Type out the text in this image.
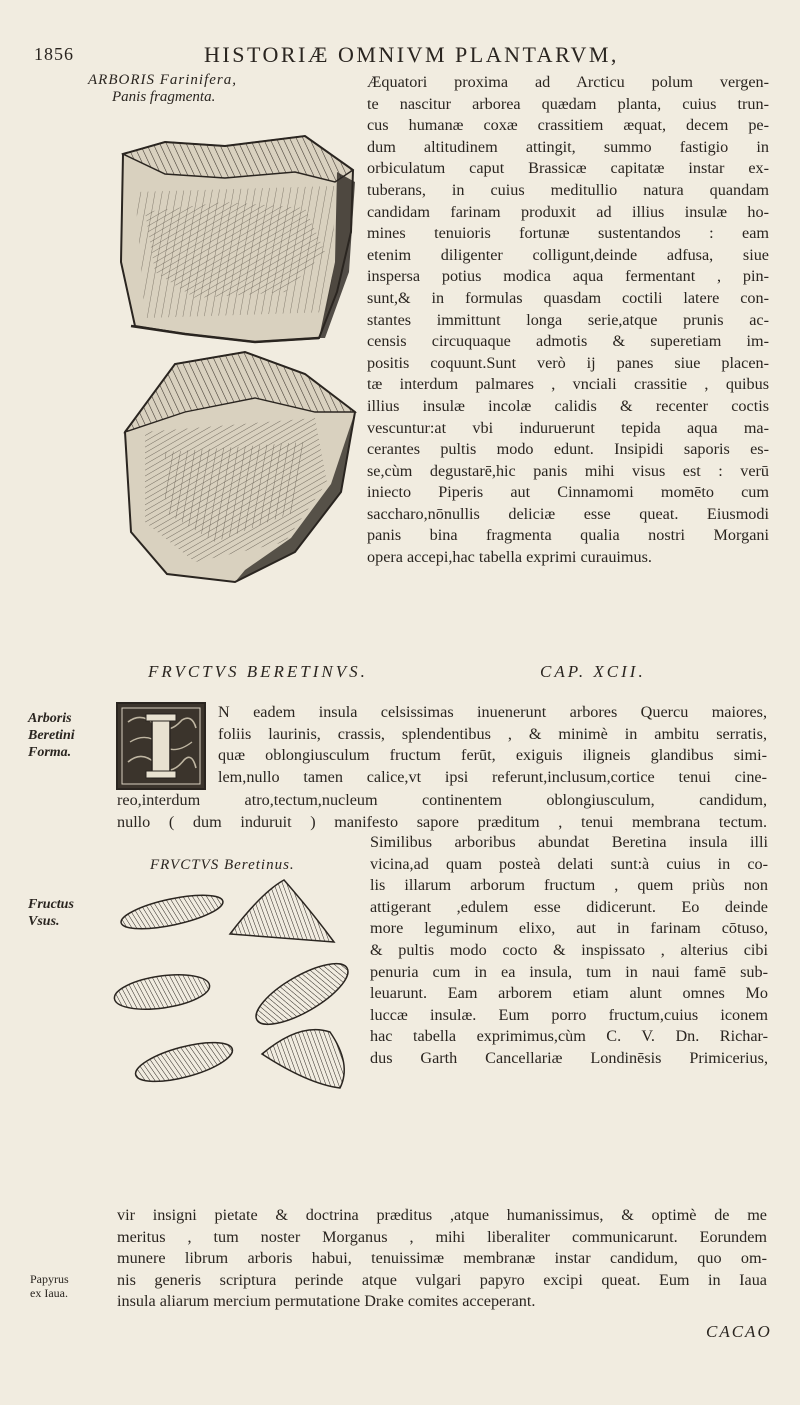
1856	HISTORIÆ OMNIVM PLANTARVM,
ARBORIS Farinifera,
Panis fragmenta.
Æquatori proxima ad Arcticu polum vergen-
te nascitur arborea quædam planta, cuius trun-
cus humanæ coxæ crassitiem æquat, decem pe-
dum altitudinem attingit, summo fastigio in
orbiculatum caput Brassicæ capitatæ instar ex-
tuberans, in cuius meditullio natura quandam
candidam farinam produxit ad illius insulæ ho-
mines tenuioris fortunæ sustentandos : eam
etenim diligenter colligunt,deinde adfusa, siue
inspersa potius modica aqua fermentant , pin-
sunt,& in formulas quasdam coctili latere con-
stantes immittunt longa serie,atque prunis ac-
censis circuquaque admotis & superetiam im-
positis coquunt.Sunt verò ij panes siue placen-
tæ interdum palmares , vnciali crassitie , quibus
illius insulæ incolæ calidis & recenter coctis
vescuntur:at vbi induruerunt tepida aqua ma-
cerantes pultis modo edunt. Insipidi saporis es-
se,cùm degustarē,hic panis mihi visus est : verū
iniecto Piperis aut Cinnamomi momēto cum
saccharo,nōnullis deliciæ esse queat. Eiusmodi
panis bina fragmenta qualia nostri Morgani
opera accepi,hac tabella exprimi curauimus.
FRVCTVS BERETINVS.	CAP. XCII.
Arboris
Beretini
Forma.
N eadem insula celsissimas inuenerunt arbores Quercu maiores,
foliis laurinis, crassis, splendentibus , & minimè in ambitu serratis,
quæ oblongiusculum fructum ferūt, exiguis iligneis glandibus simi-
lem,nullo tamen calice,vt ipsi referunt,inclusum,cortice tenui cine-
reo,interdum atro,tectum,nucleum continentem oblongiusculum, candidum,
nullo ( dum induruit ) manifesto sapore præditum , tenui membrana tectum.
FRVCTVS Beretinus.
Fructus
Vsus.
Similibus arboribus abundat Beretina insula illi
vicina,ad quam posteà delati sunt:à cuius in co-
lis illarum arborum fructum , quem priùs non
attigerant ,edulem esse didicerunt. Eo deinde
more leguminum elixo, aut in farinam cōtuso,
& pultis modo cocto & inspissato , alterius cibi
penuria cum in ea insula, tum in naui famē sub-
leuarunt. Eam arborem etiam alunt omnes Mo
luccæ insulæ. Eum porro fructum,cuius iconem
hac tabella exprimimus,cùm C. V. Dn. Richar-
dus Garth Cancellariæ Londinēsis Primicerius,
Papyrus
ex Iaua.
vir insigni pietate & doctrina præditus ,atque humanissimus, & optimè de me
meritus , tum noster Morganus , mihi liberaliter communicarunt. Eorundem
munere librum arboris habui, tenuissimæ membranæ instar candidum, quo om-
nis generis scriptura perinde atque vulgari papyro excipi queat. Eum in Iaua
insula aliarum mercium permutatione Drake comites acceperant.
CACAO
